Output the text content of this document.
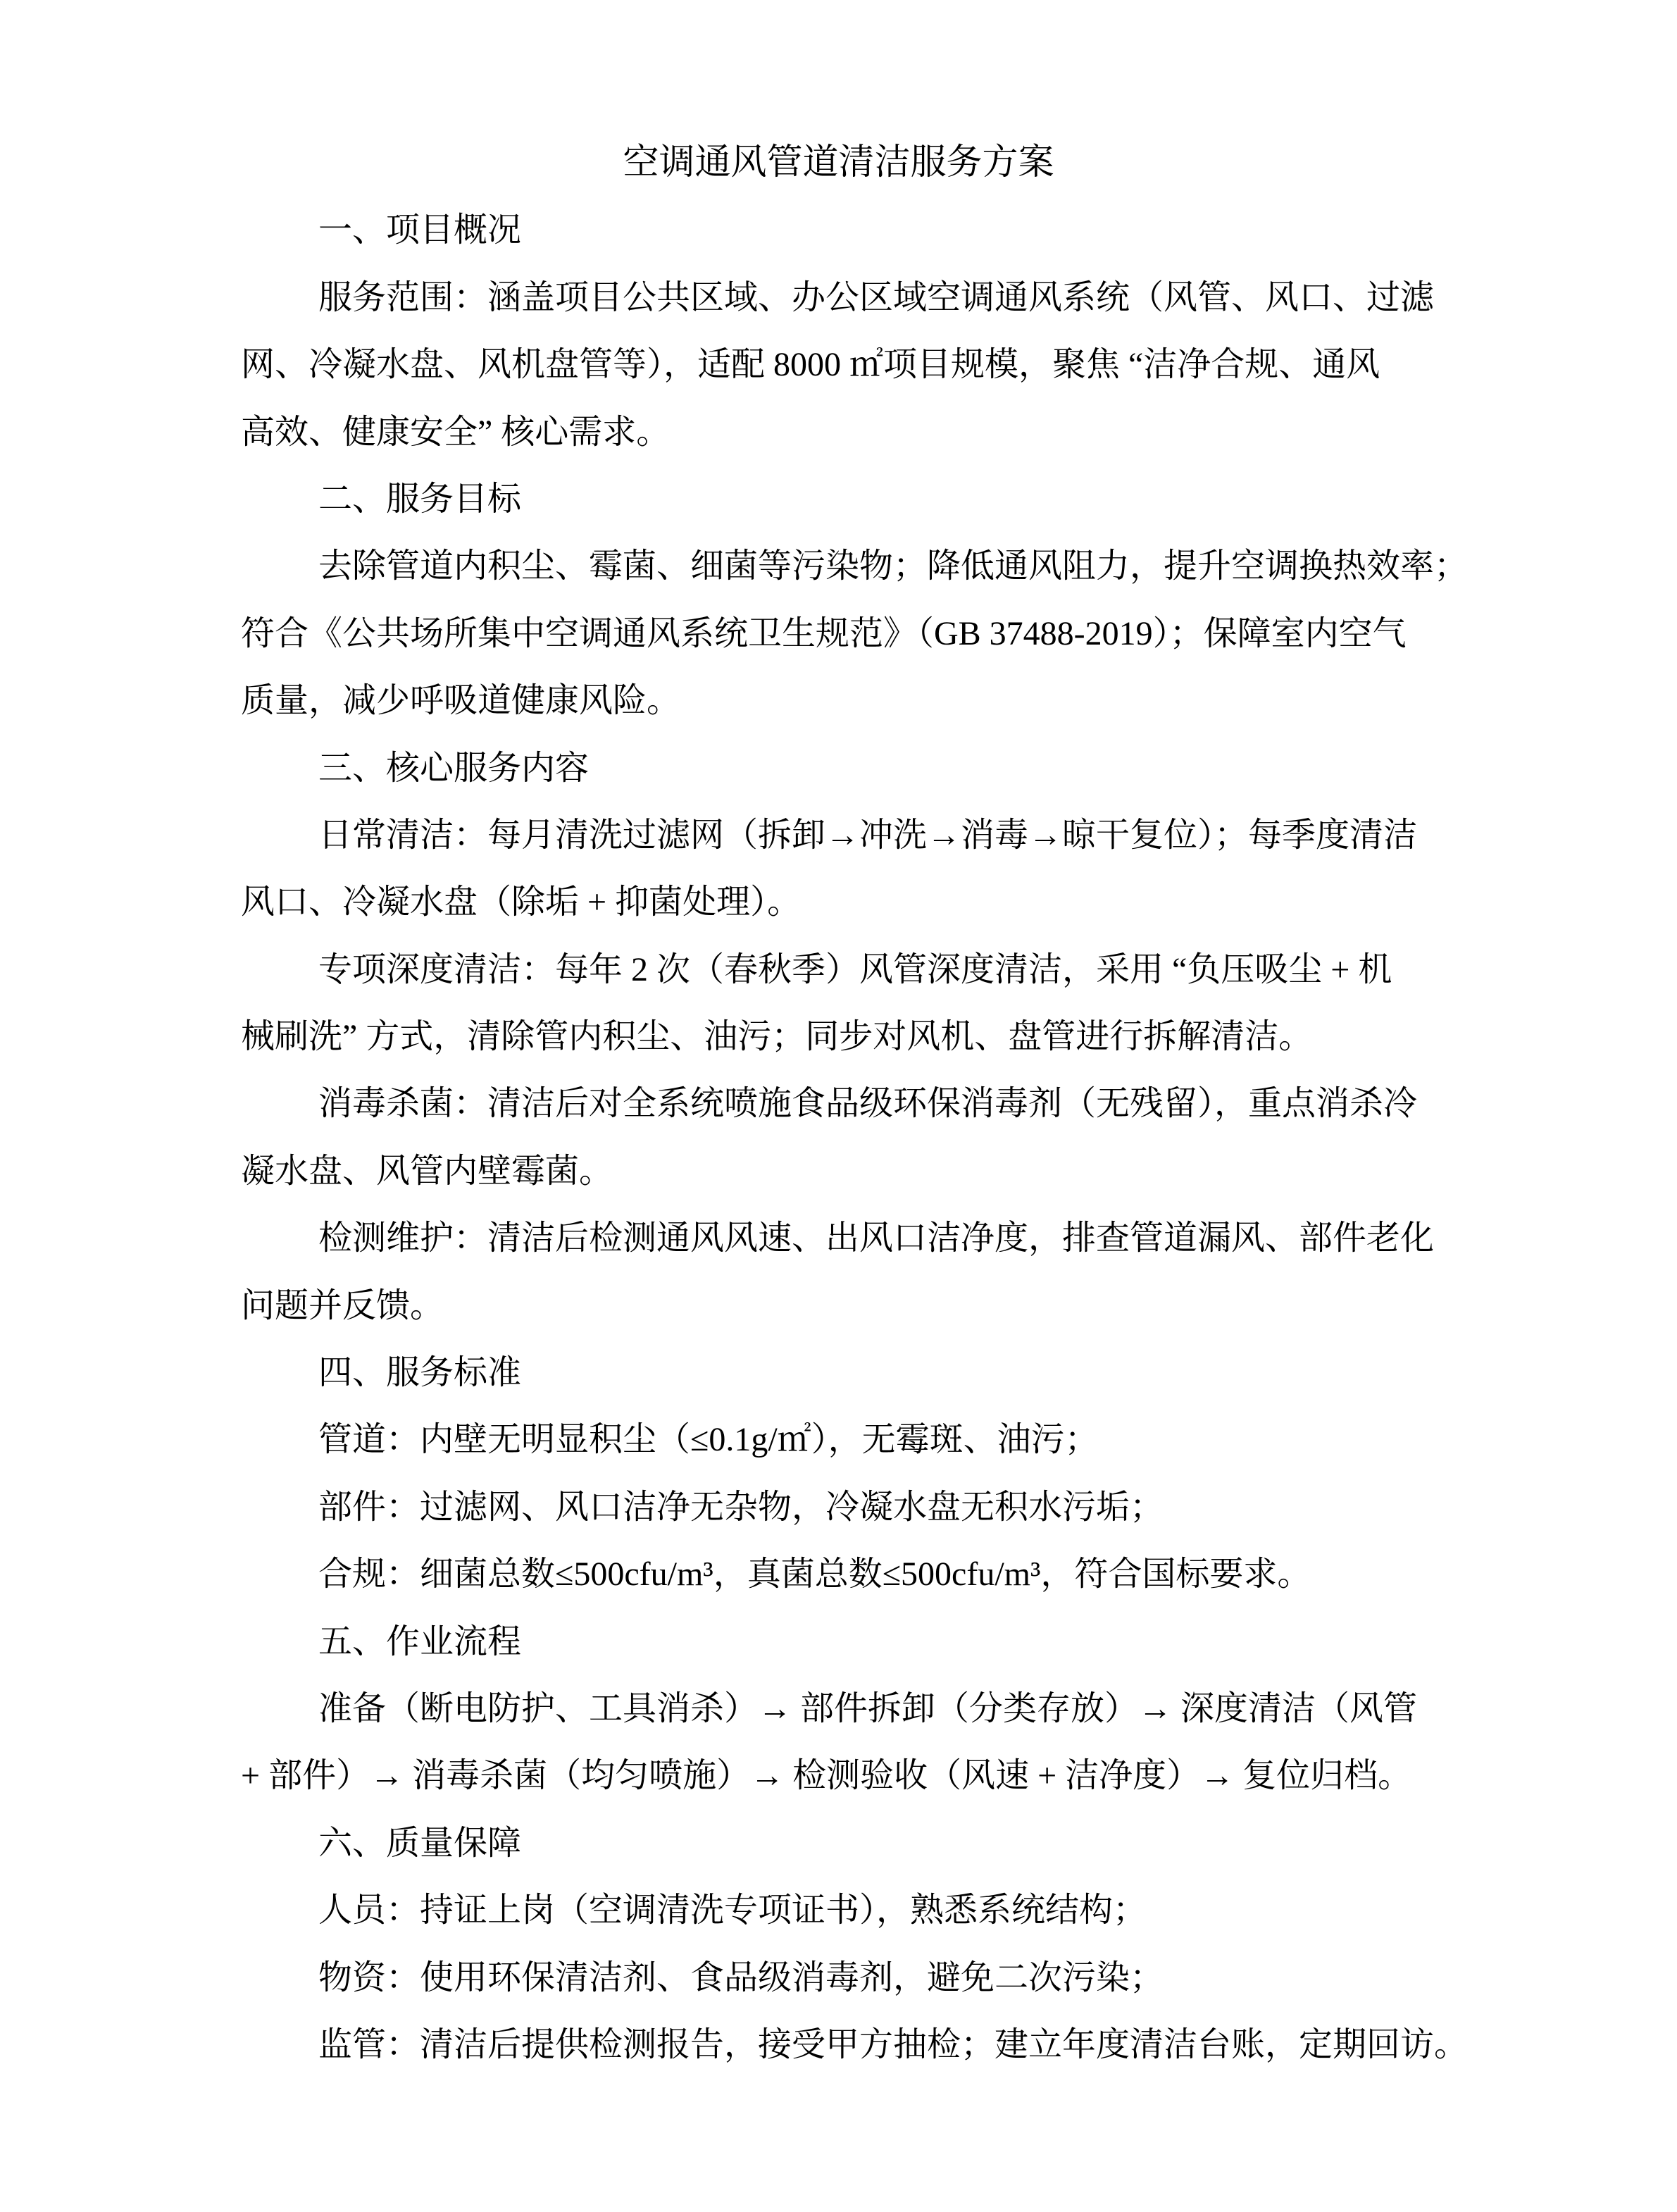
空调通风管道清洁服务方案
一、项目概况
服务范围：涵盖项目公共区域、办公区域空调通风系统（风管、风口、过滤
网、冷凝水盘、风机盘管等），适配 8000 ㎡项目规模，聚焦 “洁净合规、通风
高效、健康安全” 核心需求。
二、服务目标
去除管道内积尘、霉菌、细菌等污染物；降低通风阻力，提升空调换热效率；
符合《公共场所集中空调通风系统卫生规范》（GB 37488-2019）；保障室内空气
质量，减少呼吸道健康风险。
三、核心服务内容
日常清洁：每月清洗过滤网（拆卸→冲洗→消毒→晾干复位）；每季度清洁
风口、冷凝水盘（除垢 + 抑菌处理）。
专项深度清洁：每年 2 次（春秋季）风管深度清洁，采用 “负压吸尘 + 机
械刷洗” 方式，清除管内积尘、油污；同步对风机、盘管进行拆解清洁。
消毒杀菌：清洁后对全系统喷施食品级环保消毒剂（无残留），重点消杀冷
凝水盘、风管内壁霉菌。
检测维护：清洁后检测通风风速、出风口洁净度，排查管道漏风、部件老化
问题并反馈。
四、服务标准
管道：内壁无明显积尘（≤0.1g/㎡），无霉斑、油污；
部件：过滤网、风口洁净无杂物，冷凝水盘无积水污垢；
合规：细菌总数≤500cfu/m³，真菌总数≤500cfu/m³，符合国标要求。
五、作业流程
准备（断电防护、工具消杀）→ 部件拆卸（分类存放）→ 深度清洁（风管
+ 部件）→ 消毒杀菌（均匀喷施）→ 检测验收（风速 + 洁净度）→ 复位归档。
六、质量保障
人员：持证上岗（空调清洗专项证书），熟悉系统结构；
物资：使用环保清洁剂、食品级消毒剂，避免二次污染；
监管：清洁后提供检测报告，接受甲方抽检；建立年度清洁台账，定期回访。
